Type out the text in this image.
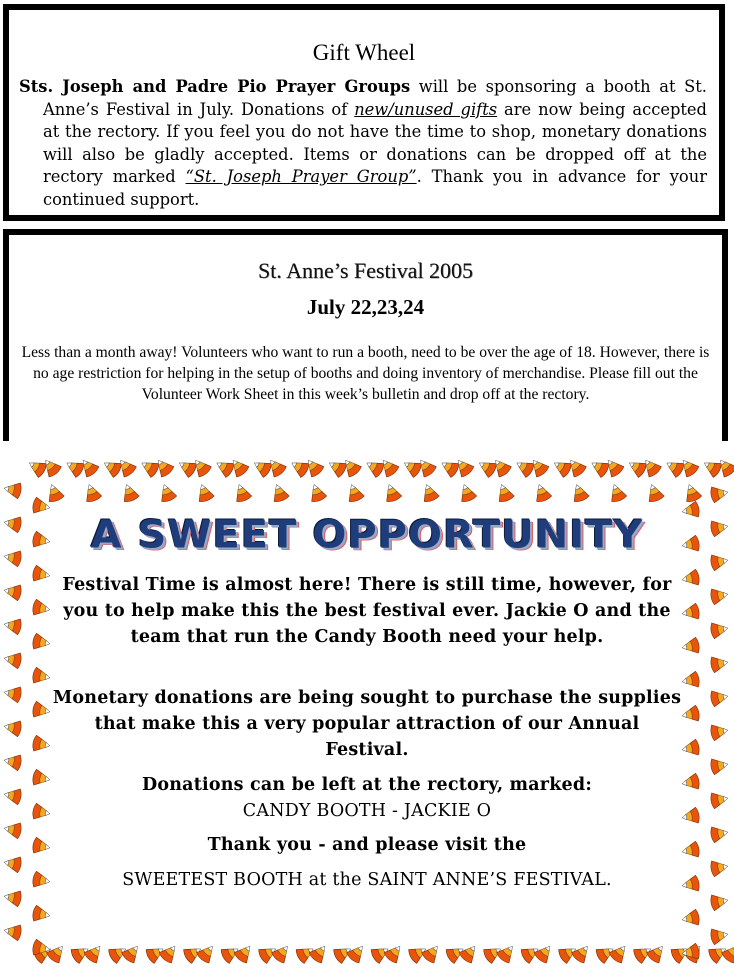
Gift Wheel
Sts. Joseph and Padre Pio Prayer Groups will be sponsoring a booth at St. Anne’s Festival in July. Donations of new/unused gifts are now being accepted at the rectory. If you feel you do not have the time to shop, monetary donations will also be gladly accepted. Items or donations can be dropped off at the rectory marked “St. Joseph Prayer Group”. Thank you in advance for your continued support.
St. Anne’s Festival 2005
July 22,23,24
Less than a month away! Volunteers who want to run a booth, need to be over the age of 18. However, there is no age restriction for helping in the setup of booths and doing inventory of merchandise. Please fill out the Volunteer Work Sheet in this week’s bulletin and drop off at the rectory.
A SWEET OPPORTUNITY
Festival Time is almost here! There is still time, however, for you to help make this the best festival ever. Jackie O and the team that run the Candy Booth need your help.
Monetary donations are being sought to purchase the supplies that make this a very popular attraction of our Annual Festival.
Donations can be left at the rectory, marked:
CANDY BOOTH - JACKIE O
Thank you - and please visit the
SWEETEST BOOTH at the SAINT ANNE’S FESTIVAL.
